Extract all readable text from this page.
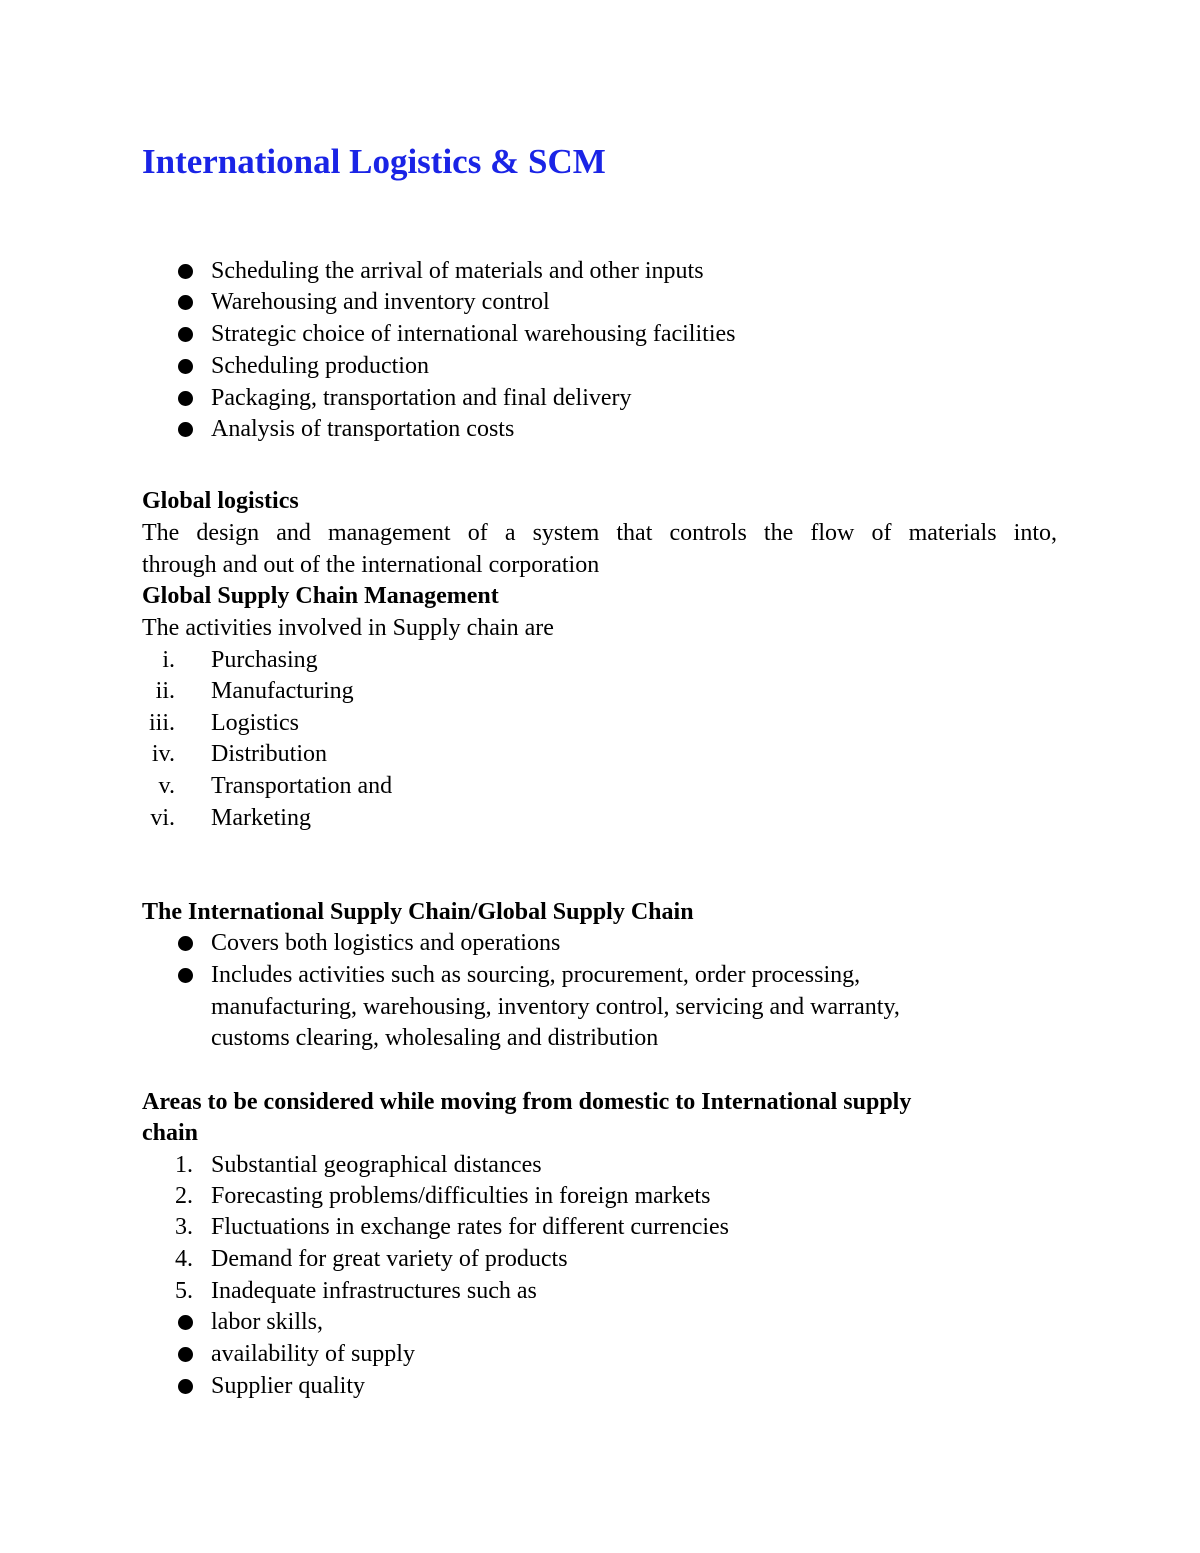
International Logistics & SCM
Scheduling the arrival of materials and other inputs
Warehousing and inventory control
Strategic choice of international warehousing facilities
Scheduling production
Packaging, transportation and final delivery
Analysis of transportation costs
Global logistics
The design and management of a system that controls the flow of materials into,
through and out of the international corporation
Global Supply Chain Management
The activities involved in Supply chain are
i. Purchasing
ii. Manufacturing
iii. Logistics
iv. Distribution
v. Transportation and
vi. Marketing
The International Supply Chain/Global Supply Chain
Covers both logistics and operations
Includes activities such as sourcing, procurement, order processing,
manufacturing, warehousing, inventory control, servicing and warranty,
customs clearing, wholesaling and distribution
Areas to be considered while moving from domestic to International supply
chain
1. Substantial geographical distances
2. Forecasting problems/difficulties in foreign markets
3. Fluctuations in exchange rates for different currencies
4. Demand for great variety of products
5. Inadequate infrastructures such as
labor skills,
availability of supply
Supplier quality
